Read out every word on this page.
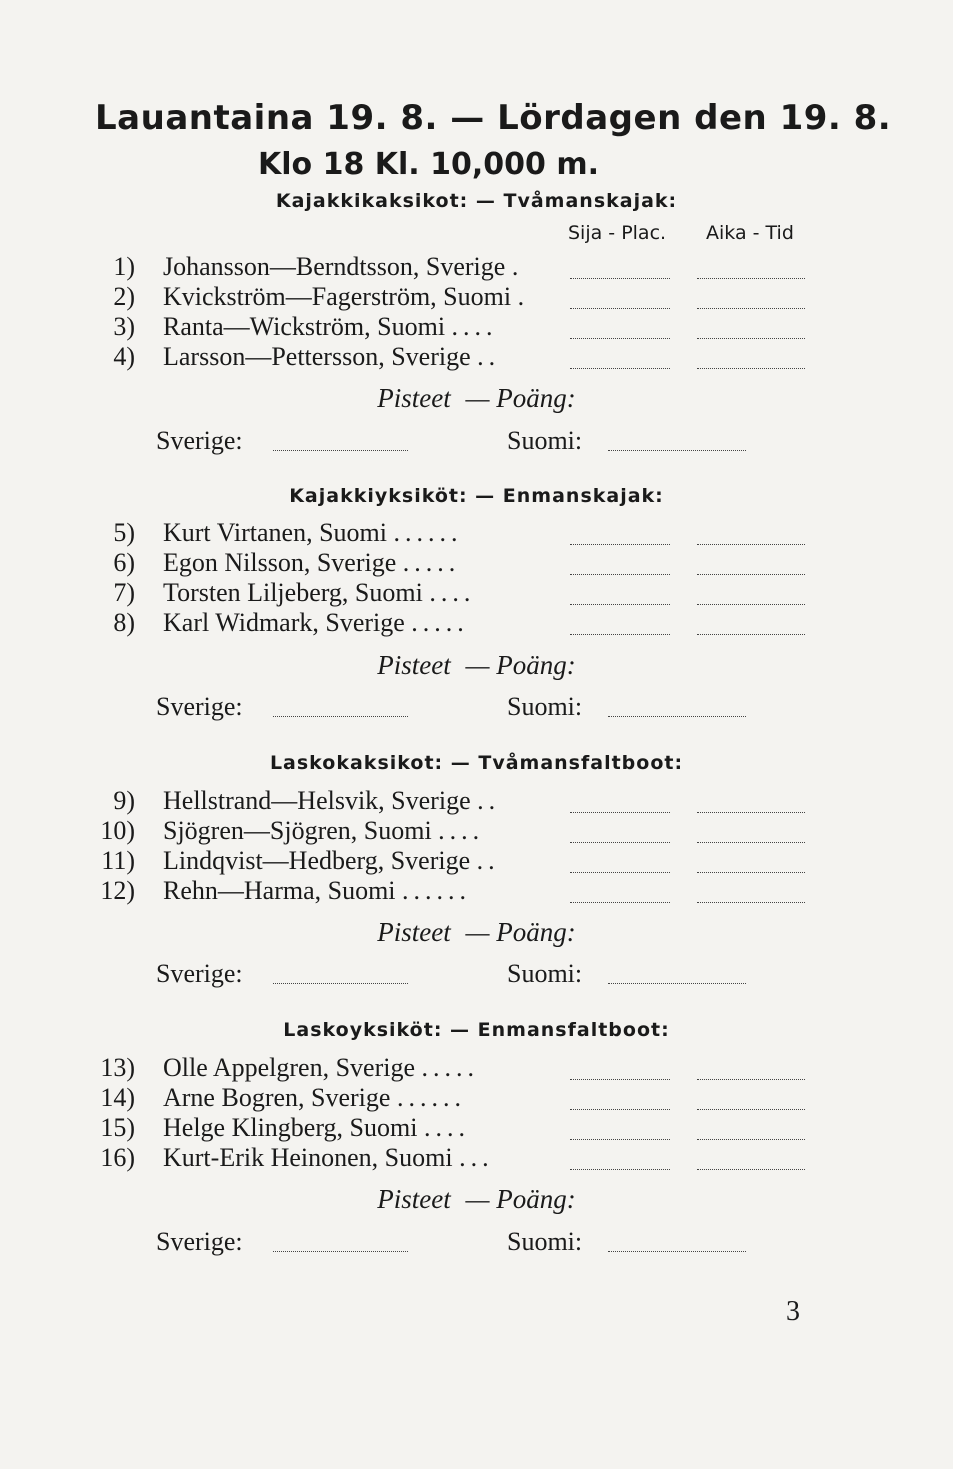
Lauantaina 19. 8. — Lördagen den 19. 8.
Klo 18 Kl. 10,000 m.
Kajakkikaksikot: — Tvåmanskajak:
Sija - Plac. Aika - Tid
1) Johansson—Berndtsson, Sverige .
2) Kvickström—Fagerström, Suomi .
3) Ranta—Wickström, Suomi ....
4) Larsson—Pettersson, Sverige ..
Pisteet — Poäng:
Sverige:	Suomi:
Kajakkiyksiköt: — Enmanskajak:
5) Kurt Virtanen, Suomi ......
6) Egon Nilsson, Sverige .....
7) Torsten Liljeberg, Suomi ....
8) Karl Widmark, Sverige .....
Pisteet — Poäng:
Sverige:	Suomi:
Laskokaksikot: — Tvåmansfaltboot:
9) Hellstrand—Helsvik, Sverige ..
10) Sjögren—Sjögren, Suomi ....
11) Lindqvist—Hedberg, Sverige ..
12) Rehn—Harma, Suomi ......
Pisteet — Poäng:
Sverige:	Suomi:
Laskoyksiköt: — Enmansfaltboot:
13) Olle Appelgren, Sverige .....
14) Arne Bogren, Sverige ......
15) Helge Klingberg, Suomi ....
16) Kurt-Erik Heinonen, Suomi ...
Pisteet — Poäng:
Sverige:	Suomi:
3
